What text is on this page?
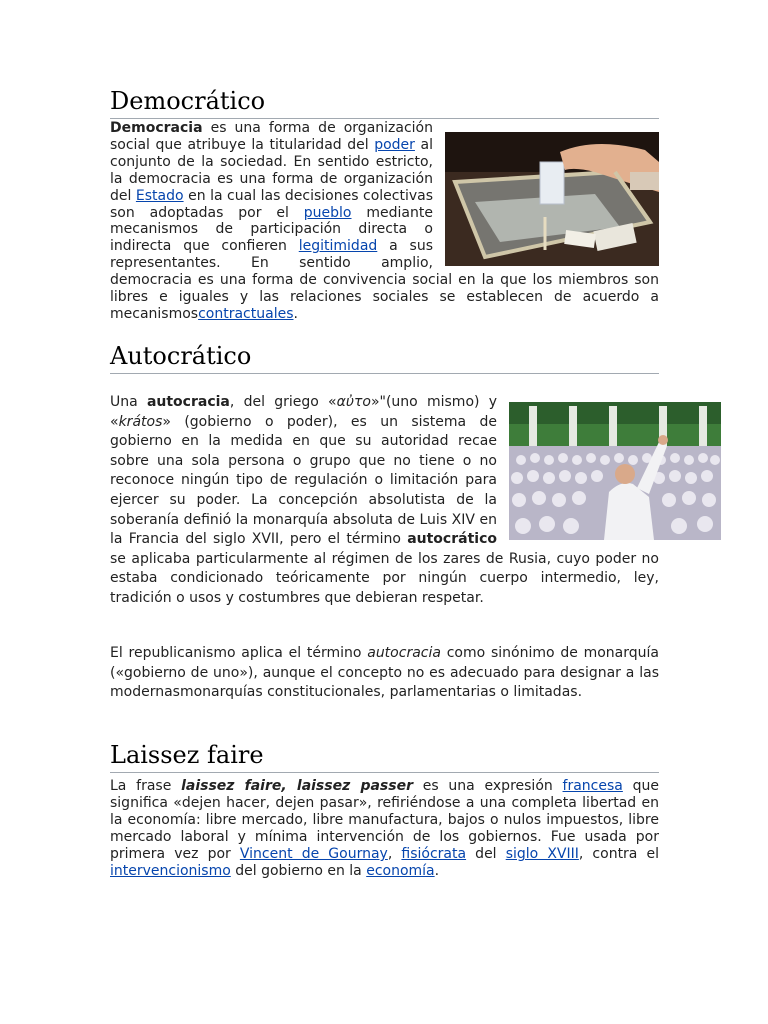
Democrático

Democracia es una forma de organización social que atribuye la titularidad del poder al conjunto de la sociedad. En sentido estricto, la democracia es una forma de organización del Estado en la cual las decisiones colectivas son adoptadas por el pueblo mediante mecanismos de participación directa o indirecta que confieren legitimidad a sus representantes. En sentido amplio, democracia es una forma de convivencia social en la que los miembros son libres e iguales y las relaciones sociales se establecen de acuerdo a mecanismoscontractuales.

Autocrático

Una autocracia, del griego «αὐτο»"(uno mismo) y «krátos» (gobierno o poder), es un sistema de gobierno en la medida en que su autoridad recae sobre una sola persona o grupo que no tiene o no reconoce ningún tipo de regulación o limitación para ejercer su poder. La concepción absolutista de la soberanía definió la monarquía absoluta de Luis XIV en la Francia del siglo XVII, pero el término autocrático se aplicaba particularmente al régimen de los zares de Rusia, cuyo poder no estaba condicionado teóricamente por ningún cuerpo intermedio, ley, tradición o usos y costumbres que debieran respetar.

El republicanismo aplica el término autocracia como sinónimo de monarquía («gobierno de uno»), aunque el concepto no es adecuado para designar a las modernasmonarquías constitucionales, parlamentarias o limitadas.

Laissez faire

La frase laissez faire, laissez passer es una expresión francesa que significa «dejen hacer, dejen pasar», refiriéndose a una completa libertad en la economía: libre mercado, libre manufactura, bajos o nulos impuestos, libre mercado laboral y mínima intervención de los gobiernos. Fue usada por primera vez por Vincent de Gournay, fisiócrata del siglo XVIII, contra el intervencionismo del gobierno en la economía.
